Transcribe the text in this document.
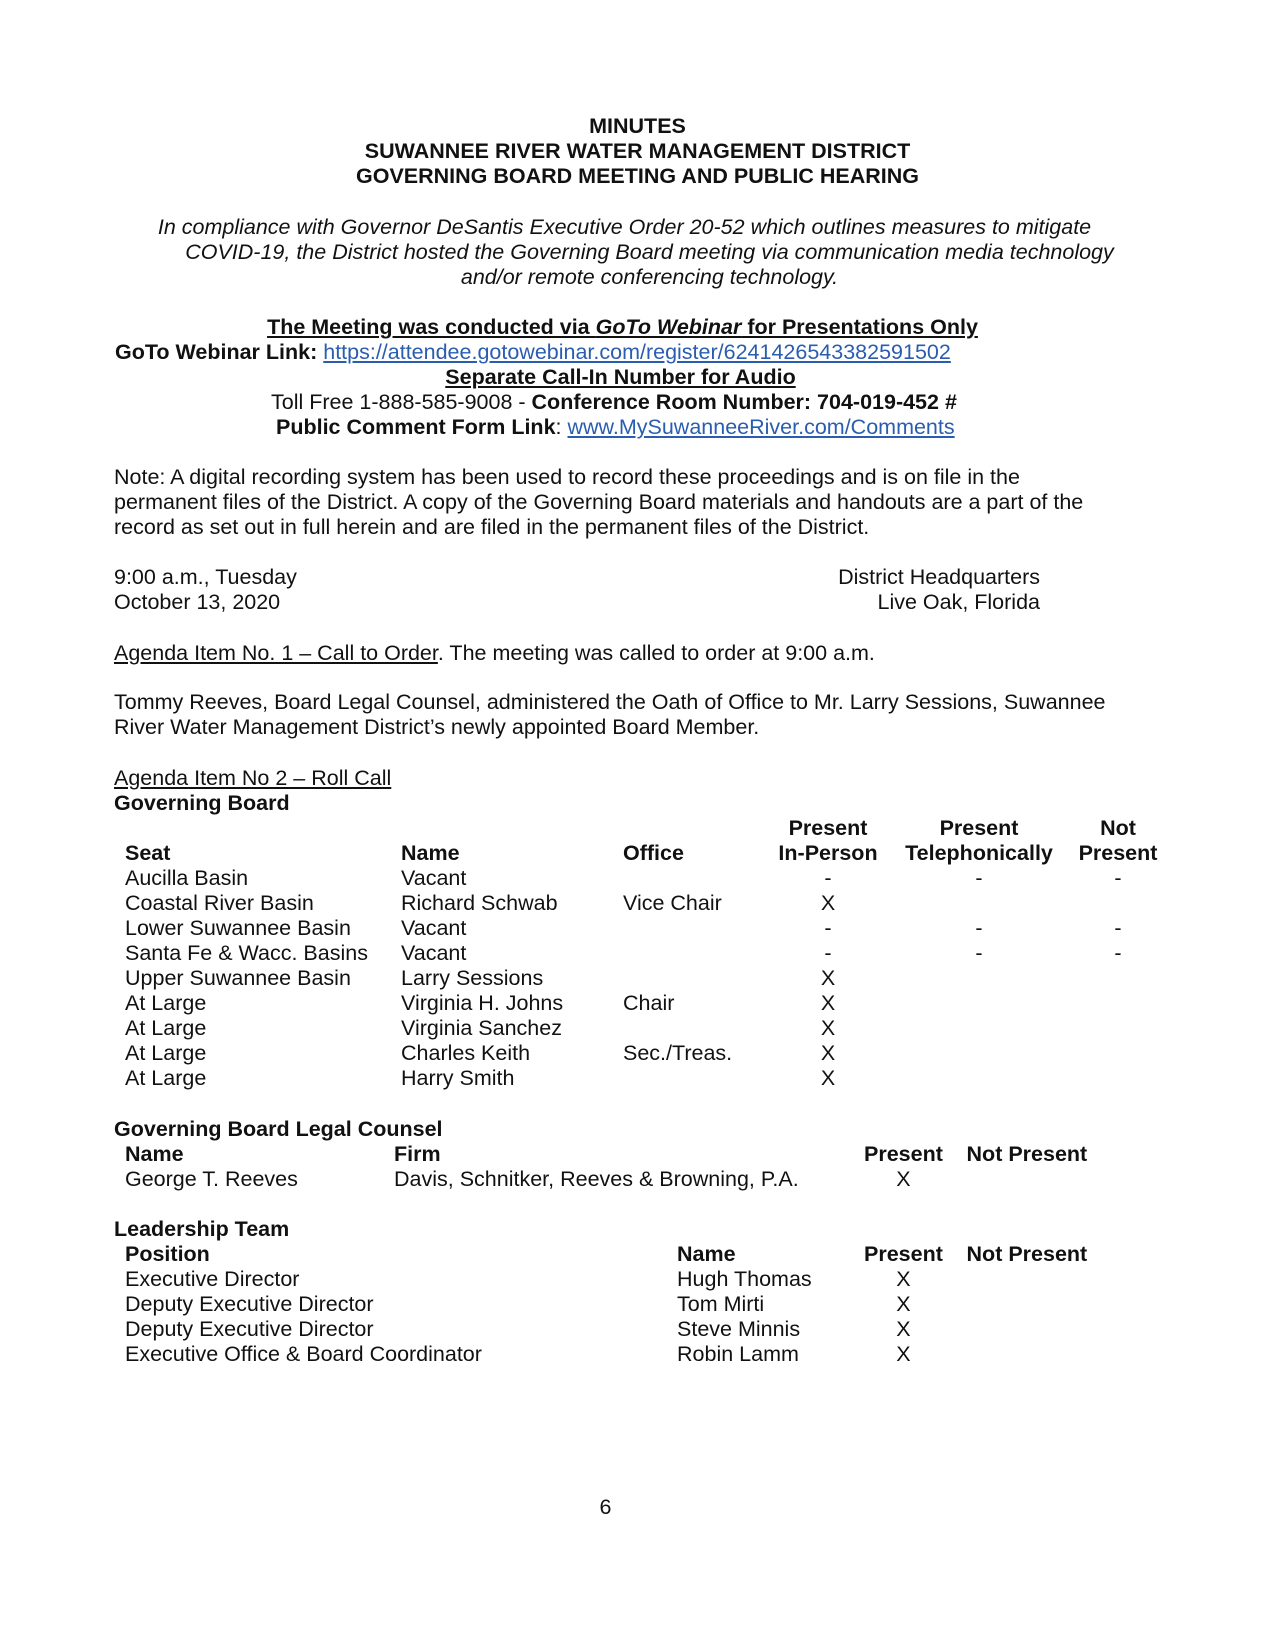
MINUTES
SUWANNEE RIVER WATER MANAGEMENT DISTRICT
GOVERNING BOARD MEETING AND PUBLIC HEARING
In compliance with Governor DeSantis Executive Order 20-52 which outlines measures to mitigate
COVID-19, the District hosted the Governing Board meeting via communication media technology
and/or remote conferencing technology.
The Meeting was conducted via GoTo Webinar for Presentations Only
GoTo Webinar Link: https://attendee.gotowebinar.com/register/6241426543382591502
Separate Call-In Number for Audio
Toll Free 1-888-585-9008 - Conference Room Number: 704-019-452 #
Public Comment Form Link: www.MySuwanneeRiver.com/Comments
Note: A digital recording system has been used to record these proceedings and is on file in the
permanent files of the District. A copy of the Governing Board materials and handouts are a part of the
record as set out in full herein and are filed in the permanent files of the District.
9:00 a.m., Tuesday
October 13, 2020
District Headquarters
Live Oak, Florida
Agenda Item No. 1 – Call to Order. The meeting was called to order at 9:00 a.m.
Tommy Reeves, Board Legal Counsel, administered the Oath of Office to Mr. Larry Sessions, Suwannee
River Water Management District’s newly appointed Board Member.
Agenda Item No 2 – Roll Call
Governing Board
			Present	Present	Not
Seat	Name	Office	In-Person	Telephonically	Present
Aucilla Basin	Vacant		-	-	-
Coastal River Basin	Richard Schwab	Vice Chair	X		
Lower Suwannee Basin	Vacant		-	-	-
Santa Fe & Wacc. Basins	Vacant		-	-	-
Upper Suwannee Basin	Larry Sessions		X		
At Large	Virginia H. Johns	Chair	X		
At Large	Virginia Sanchez		X		
At Large	Charles Keith	Sec./Treas.	X		
At Large	Harry Smith		X		
Governing Board Legal Counsel
Name	Firm	Present	Not Present
George T. Reeves	Davis, Schnitker, Reeves & Browning, P.A.	X	
Leadership Team
Position	Name	Present	Not Present
Executive Director	Hugh Thomas	X	
Deputy Executive Director	Tom Mirti	X	
Deputy Executive Director	Steve Minnis	X	
Executive Office & Board Coordinator	Robin Lamm	X	
6
